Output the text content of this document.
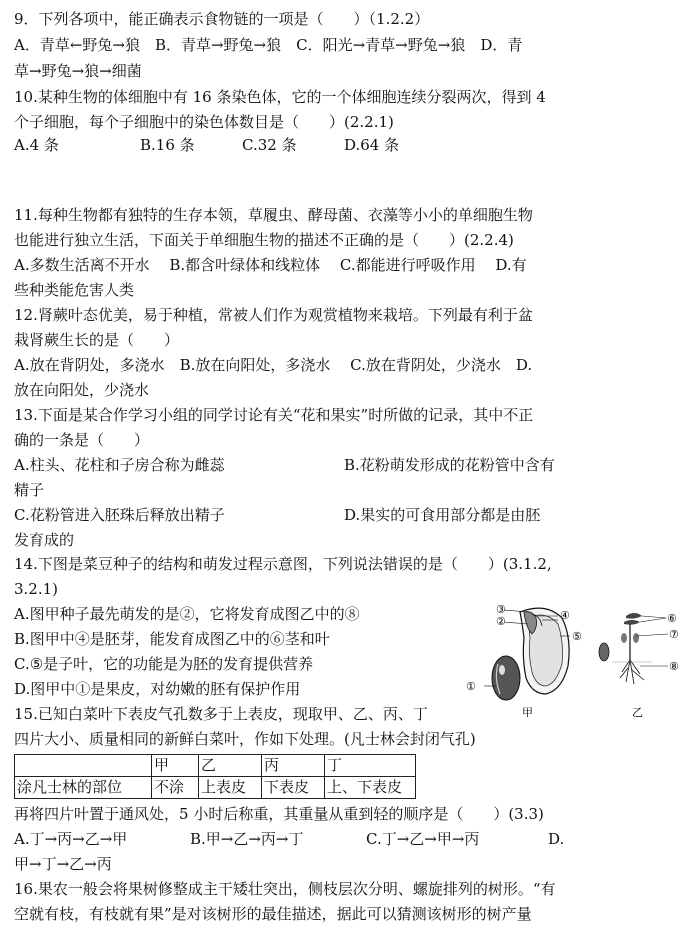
9．下列各项中，能正确表示食物链的一项是（　　）（1.2.2）
A．青草←野兔→狼　B．青草→野兔→狼　C．阳光→青草→野兔→狼　D．青
草→野兔→狼→细菌
10.某种生物的体细胞中有 16 条染色体，它的一个体细胞连续分裂两次，得到 4
个子细胞，每个子细胞中的染色体数目是（　　）(2.2.1)
A.4 条	B.16 条	C.32 条	D.64 条
11.每种生物都有独特的生存本领，草履虫、酵母菌、衣藻等小小的单细胞生物
也能进行独立生活，下面关于单细胞生物的描述不正确的是（　　）(2.2.4)
A.多数生活离不开水　 B.都含叶绿体和线粒体　 C.都能进行呼吸作用　 D.有
些种类能危害人类
12.肾蕨叶态优美，易于种植，常被人们作为观赏植物来栽培。下列最有利于盆
栽肾蕨生长的是（　　）
A.放在背阴处，多浇水　B.放在向阳处，多浇水　 C.放在背阴处，少浇水　D.
放在向阳处，少浇水
13.下面是某合作学习小组的同学讨论有关“花和果实”时所做的记录，其中不正
确的一条是（　　）
A.柱头、花柱和子房合称为雌蕊	B.花粉萌发形成的花粉管中含有
精子
C.花粉管进入胚珠后释放出精子	D.果实的可食用部分都是由胚
发育成的
14.下图是菜豆种子的结构和萌发过程示意图，下列说法错误的是（　　）(3.1.2,
3.2.1)
A.图甲种子最先萌发的是②，它将发育成图乙中的⑧
B.图甲中④是胚芽，能发育成图乙中的⑥茎和叶
C.⑤是子叶，它的功能是为胚的发育提供营养
D.图甲中①是果皮，对幼嫩的胚有保护作用
③
②	④
⑤
①
⑥
⑦
⑧
甲	乙
15.已知白菜叶下表皮气孔数多于上表皮，现取甲、乙、丙、丁
四片大小、质量相同的新鲜白菜叶，作如下处理。(凡士林会封闭气孔)
	甲	乙	丙	丁
涂凡士林的部位	不涂	上表皮	下表皮	上、下表皮
再将四片叶置于通风处，5 小时后称重，其重量从重到轻的顺序是（　　）(3.3)
A.丁→丙→乙→甲	B.甲→乙→丙→丁	C.丁→乙→甲→丙	D.
甲→丁→乙→丙
16.果农一般会将果树修整成主干矮壮突出，侧枝层次分明、螺旋排列的树形。“有
空就有枝，有枝就有果”是对该树形的最佳描述，据此可以猜测该树形的树产量
